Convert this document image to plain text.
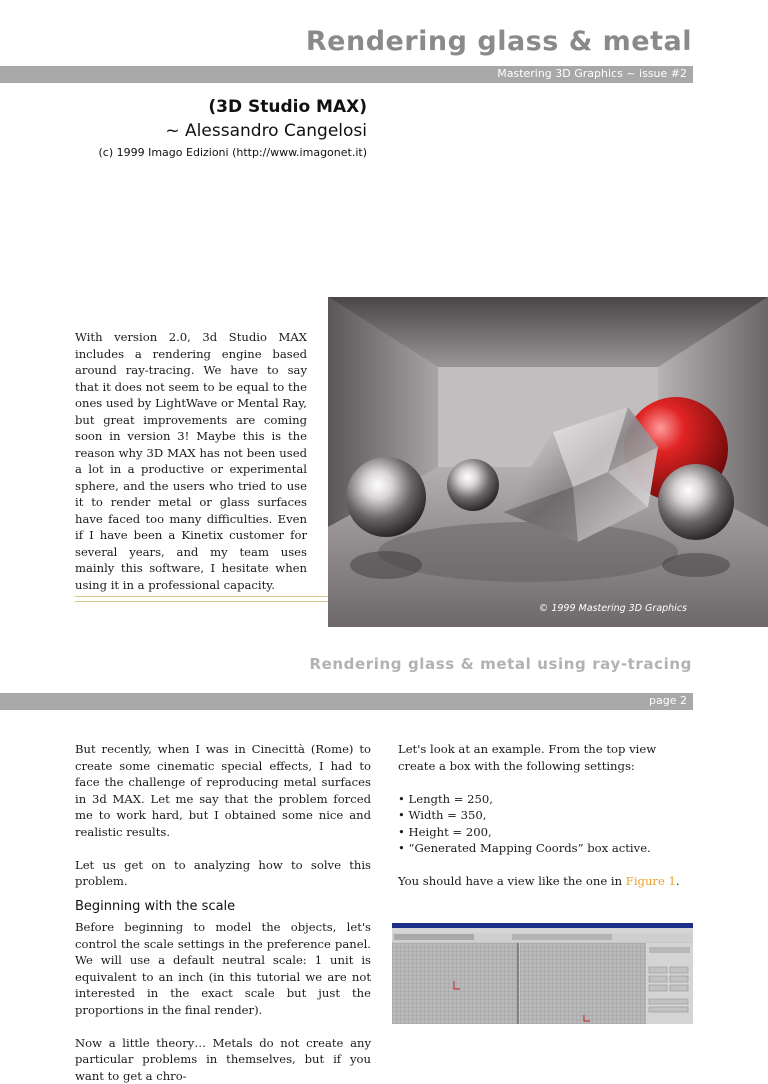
Rendering glass & metal
Mastering 3D Graphics ~ issue #2
(3D Studio MAX)
~ Alessandro Cangelosi
(c) 1999 Imago Edizioni (http://www.imagonet.it)
With version 2.0, 3d Studio MAX includes a rendering engine based around ray-tracing. We have to say that it does not seem to be equal to the ones used by LightWave or Mental Ray, but great improvements are coming soon in version 3! Maybe this is the reason why 3D MAX has not been used a lot in a productive or experimental sphere, and the users who tried to use it to render metal or glass surfaces have faced too many difficulties. Even if I have been a Kinetix customer for several years, and my team uses mainly this software, I hesitate when using it in a professional capacity.
© 1999 Mastering 3D Graphics
Rendering glass & metal using ray-tracing
page 2

But recently, when I was in Cinecittà (Rome) to create some cinematic special effects, I had to face the challenge of reproducing metal surfaces in 3d MAX. Let me say that the problem forced me to work hard, but I obtained some nice and realistic results.

Let us get on to analyzing how to solve this problem.

Beginning with the scale

Before beginning to model the objects, let's control the scale settings in the preference panel. We will use a default neutral scale: 1 unit is equivalent to an inch (in this tutorial we are not interested in the exact scale but just the proportions in the final render).

Now a little theory… Metals do not create any particular problems in themselves, but if you want to get a chro-

Let's look at an example. From the top view create a box with the following settings:

• Length = 250,

• Width = 350,

• Height = 200,

• “Generated Mapping Coords” box active.

You should have a view like the one in Figure 1.
